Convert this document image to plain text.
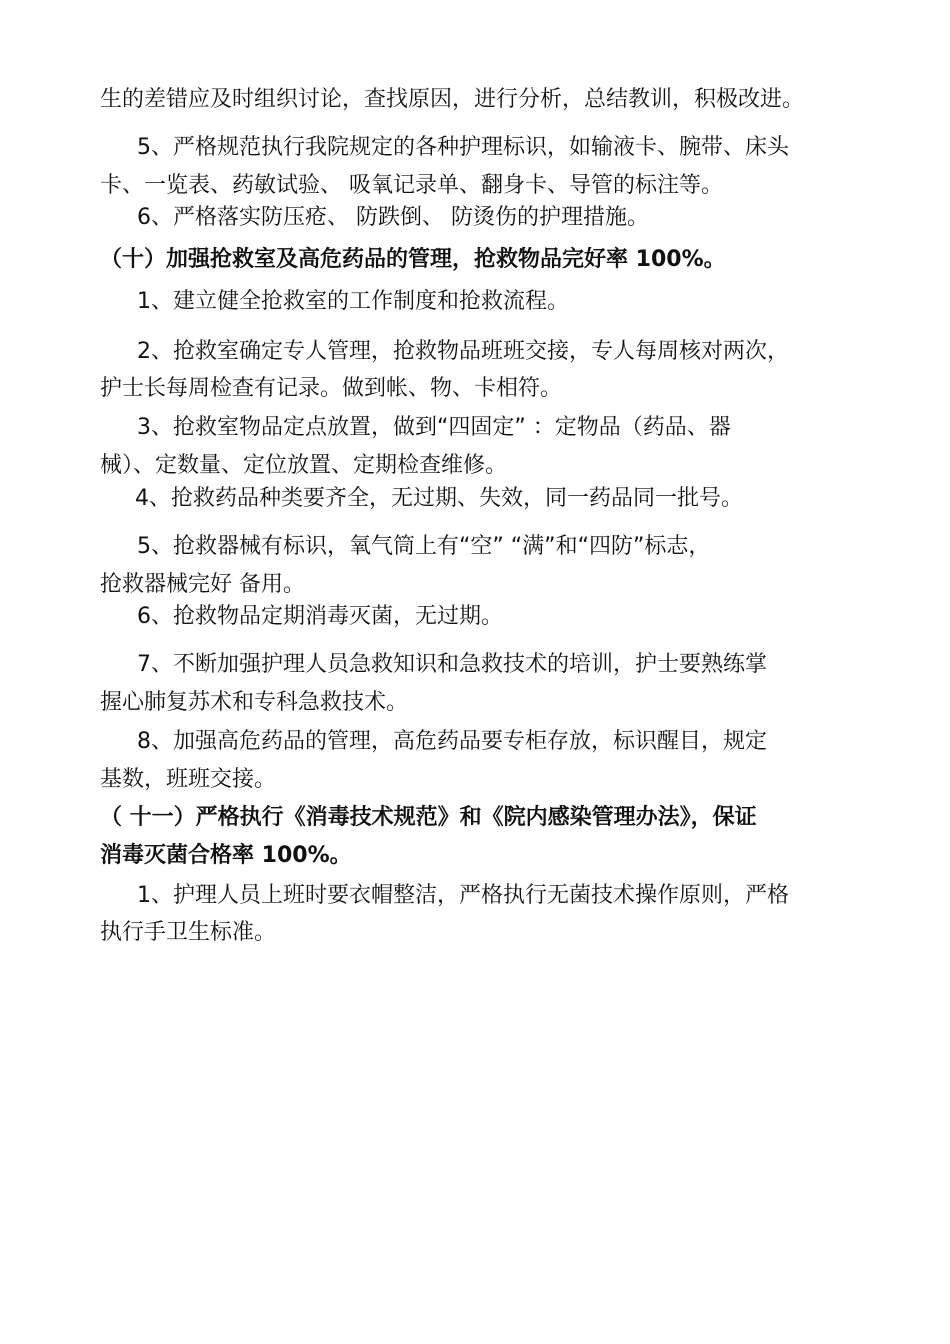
生的差错应及时组织讨论，查找原因，进行分析，总结教训，积极改进。
5、严格规范执行我院规定的各种护理标识，如输液卡、腕带、床头
卡、一览表、药敏试验、 吸氧记录单、翻身卡、导管的标注等。
6、严格落实防压疮、 防跌倒、 防烫伤的护理措施。
（十）加强抢救室及高危药品的管理，抢救物品完好率 100%。
1、建立健全抢救室的工作制度和抢救流程。
2、抢救室确定专人管理，抢救物品班班交接，专人每周核对两次，
护士长每周检查有记录。做到帐、物、卡相符。
3、抢救室物品定点放置，做到“四固定” ：定物品（药品、器
械）、定数量、定位放置、定期检查维修。
4、抢救药品种类要齐全，无过期、失效，同一药品同一批号。
5、抢救器械有标识，氧气筒上有“空” “满”和“四防”标志，
抢救器械完好 备用。
6、抢救物品定期消毒灭菌，无过期。
7、不断加强护理人员急救知识和急救技术的培训，护士要熟练掌
握心肺复苏术和专科急救技术。
8、加强高危药品的管理，高危药品要专柜存放，标识醒目，规定
基数，班班交接。
（ 十一）严格执行《消毒技术规范》和《院内感染管理办法》，保证
消毒灭菌合格率 100%。
1、护理人员上班时要衣帽整洁，严格执行无菌技术操作原则，严格
执行手卫生标准。
